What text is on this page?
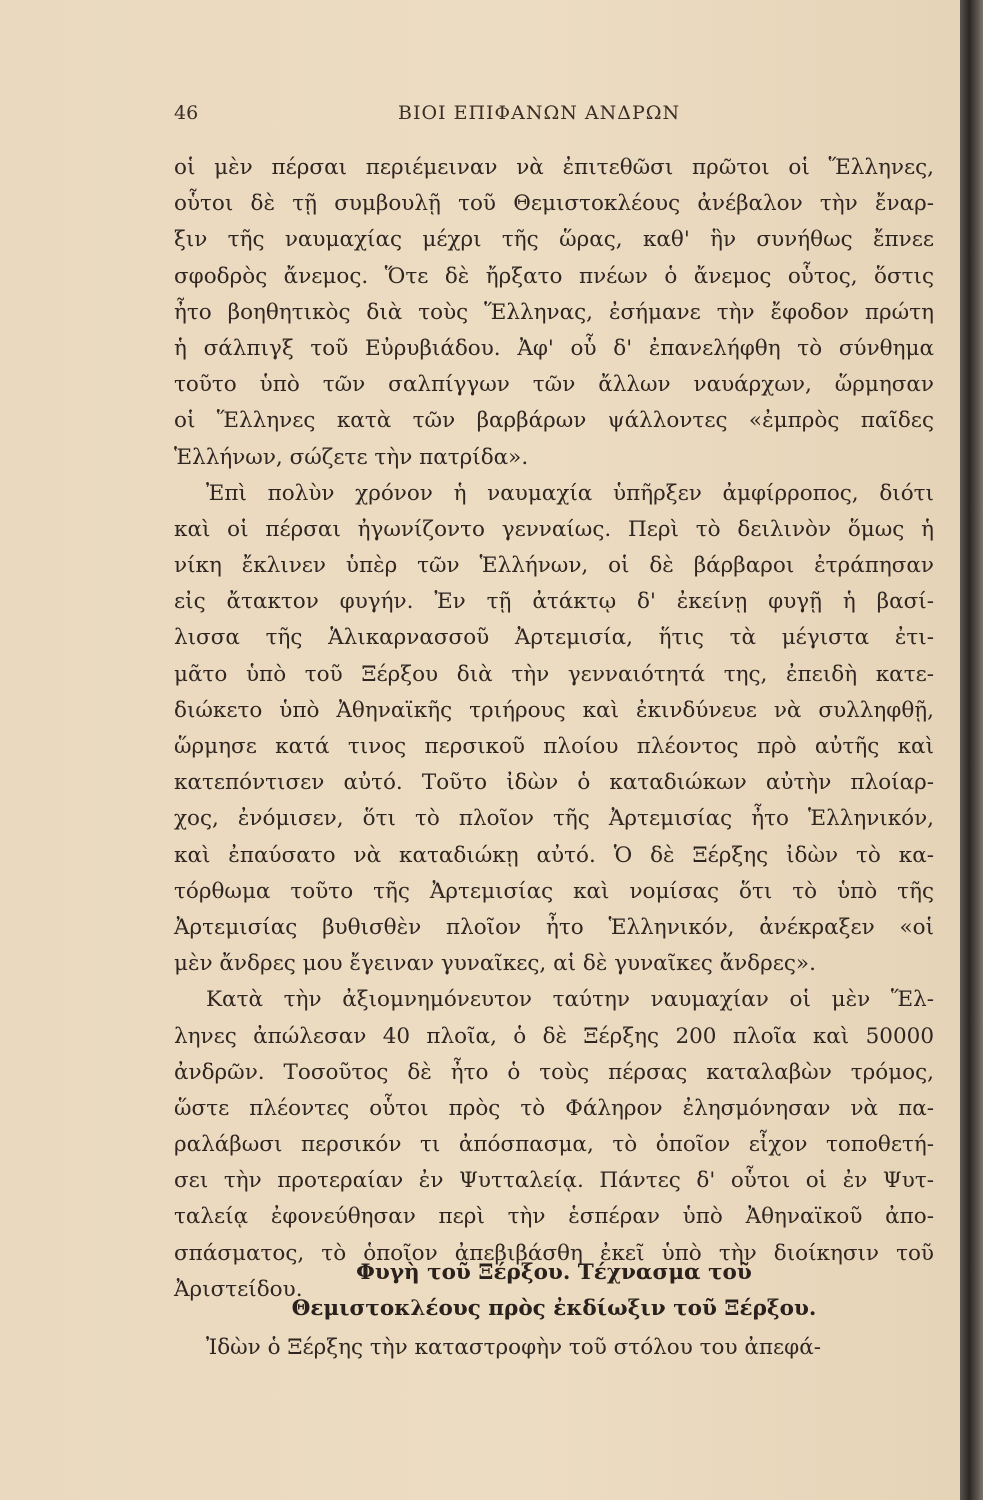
46	ΒΙΟΙ ΕΠΙΦΑΝΩΝ ΑΝΔΡΩΝ
οἱ μὲν πέρσαι περιέμειναν νὰ ἐπιτεθῶσι πρῶτοι οἱ Ἕλληνες,
οὗτοι δὲ τῇ συμβουλῇ τοῦ Θεμιστοκλέους ἀνέβαλον τὴν ἔναρ-
ξιν τῆς ναυμαχίας μέχρι τῆς ὥρας, καθ' ἣν συνήθως ἔπνεε
σφοδρὸς ἄνεμος. Ὅτε δὲ ἤρξατο πνέων ὁ ἄνεμος οὗτος, ὅστις
ἦτο βοηθητικὸς διὰ τοὺς Ἕλληνας, ἐσήμανε τὴν ἔφοδον πρώτη
ἡ σάλπιγξ τοῦ Εὐρυβιάδου. Ἀφ' οὗ δ' ἐπανελήφθη τὸ σύνθημα
τοῦτο ὑπὸ τῶν σαλπίγγων τῶν ἄλλων ναυάρχων, ὥρμησαν
οἱ Ἕλληνες κατὰ τῶν βαρβάρων ψάλλοντες «ἐμπρὸς παῖδες
Ἑλλήνων, σώζετε τὴν πατρίδα».
Ἐπὶ πολὺν χρόνον ἡ ναυμαχία ὑπῆρξεν ἀμφίρροπος, διότι
καὶ οἱ πέρσαι ἠγωνίζοντο γενναίως. Περὶ τὸ δειλινὸν ὅμως ἡ
νίκη ἔκλινεν ὑπὲρ τῶν Ἑλλήνων, οἱ δὲ βάρβαροι ἐτράπησαν
εἰς ἄτακτον φυγήν. Ἐν τῇ ἀτάκτῳ δ' ἐκείνῃ φυγῇ ἡ βασί-
λισσα τῆς Ἁλικαρνασσοῦ Ἀρτεμισία, ἥτις τὰ μέγιστα ἐτι-
μᾶτο ὑπὸ τοῦ Ξέρξου διὰ τὴν γενναιότητά της, ἐπειδὴ κατε-
διώκετο ὑπὸ Ἀθηναϊκῆς τριήρους καὶ ἐκινδύνευε νὰ συλληφθῇ,
ὥρμησε κατά τινος περσικοῦ πλοίου πλέοντος πρὸ αὐτῆς καὶ
κατεπόντισεν αὐτό. Τοῦτο ἰδὼν ὁ καταδιώκων αὐτὴν πλοίαρ-
χος, ἐνόμισεν, ὅτι τὸ πλοῖον τῆς Ἀρτεμισίας ἦτο Ἑλληνικόν,
καὶ ἐπαύσατο νὰ καταδιώκῃ αὐτό. Ὁ δὲ Ξέρξης ἰδὼν τὸ κα-
τόρθωμα τοῦτο τῆς Ἀρτεμισίας καὶ νομίσας ὅτι τὸ ὑπὸ τῆς
Ἀρτεμισίας βυθισθὲν πλοῖον ἦτο Ἑλληνικόν, ἀνέκραξεν «οἱ
μὲν ἄνδρες μου ἔγειναν γυναῖκες, αἱ δὲ γυναῖκες ἄνδρες».
Κατὰ τὴν ἀξιομνημόνευτον ταύτην ναυμαχίαν οἱ μὲν Ἕλ-
ληνες ἀπώλεσαν 40 πλοῖα, ὁ δὲ Ξέρξης 200 πλοῖα καὶ 50000
ἀνδρῶν. Τοσοῦτος δὲ ἦτο ὁ τοὺς πέρσας καταλαβὼν τρόμος,
ὥστε πλέοντες οὗτοι πρὸς τὸ Φάληρον ἐλησμόνησαν νὰ πα-
ραλάβωσι περσικόν τι ἀπόσπασμα, τὸ ὁποῖον εἶχον τοποθετή-
σει τὴν προτεραίαν ἐν Ψυτταλείᾳ. Πάντες δ' οὗτοι οἱ ἐν Ψυτ-
ταλείᾳ ἐφονεύθησαν περὶ τὴν ἑσπέραν ὑπὸ Ἀθηναϊκοῦ ἀπο-
σπάσματος, τὸ ὁποῖον ἀπεβιβάσθη ἐκεῖ ὑπὸ τὴν διοίκησιν τοῦ
Ἀριστείδου.
Φυγὴ τοῦ Ξέρξου. Τέχνασμα τοῦ
Θεμιστοκλέους πρὸς ἐκδίωξιν τοῦ Ξέρξου.
Ἰδὼν ὁ Ξέρξης τὴν καταστροφὴν τοῦ στόλου του ἀπεφά-
